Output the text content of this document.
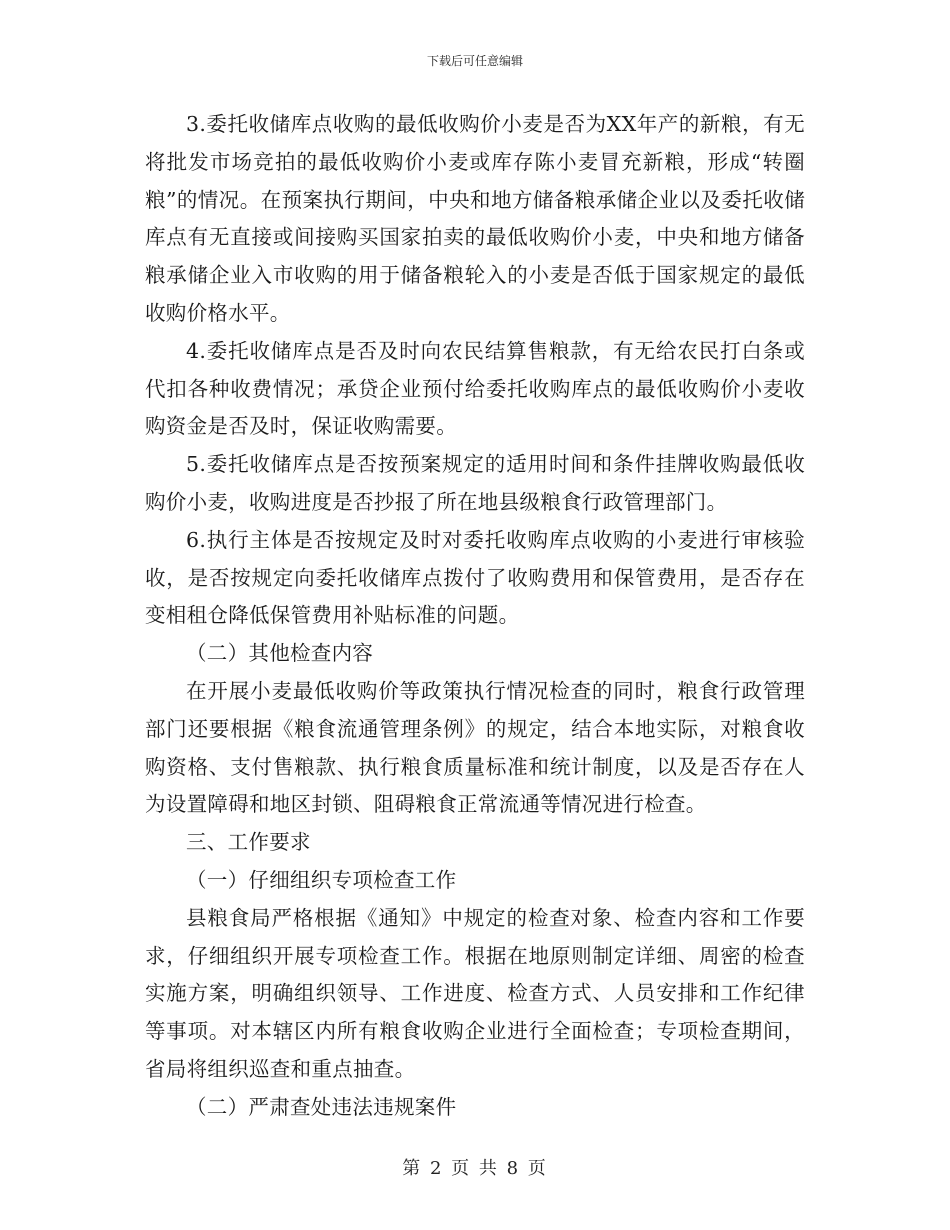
下载后可任意编辑

3.委托收储库点收购的最低收购价小麦是否为XX年产的新粮，有无将批发市场竞拍的最低收购价小麦或库存陈小麦冒充新粮，形成“转圈粮”的情况。在预案执行期间，中央和地方储备粮承储企业以及委托收储库点有无直接或间接购买国家拍卖的最低收购价小麦，中央和地方储备粮承储企业入市收购的用于储备粮轮入的小麦是否低于国家规定的最低收购价格水平。

4.委托收储库点是否及时向农民结算售粮款，有无给农民打白条或代扣各种收费情况；承贷企业预付给委托收购库点的最低收购价小麦收购资金是否及时，保证收购需要。

5.委托收储库点是否按预案规定的适用时间和条件挂牌收购最低收购价小麦，收购进度是否抄报了所在地县级粮食行政管理部门。

6.执行主体是否按规定及时对委托收购库点收购的小麦进行审核验收，是否按规定向委托收储库点拨付了收购费用和保管费用，是否存在变相租仓降低保管费用补贴标准的问题。

（二）其他检查内容

在开展小麦最低收购价等政策执行情况检查的同时，粮食行政管理部门还要根据《粮食流通管理条例》的规定，结合本地实际，对粮食收购资格、支付售粮款、执行粮食质量标准和统计制度，以及是否存在人为设置障碍和地区封锁、阻碍粮食正常流通等情况进行检查。

三、工作要求

（一）仔细组织专项检查工作

县粮食局严格根据《通知》中规定的检查对象、检查内容和工作要求，仔细组织开展专项检查工作。根据在地原则制定详细、周密的检查实施方案，明确组织领导、工作进度、检查方式、人员安排和工作纪律等事项。对本辖区内所有粮食收购企业进行全面检查；专项检查期间，省局将组织巡查和重点抽查。

（二）严肃查处违法违规案件

第 2 页 共 8 页
